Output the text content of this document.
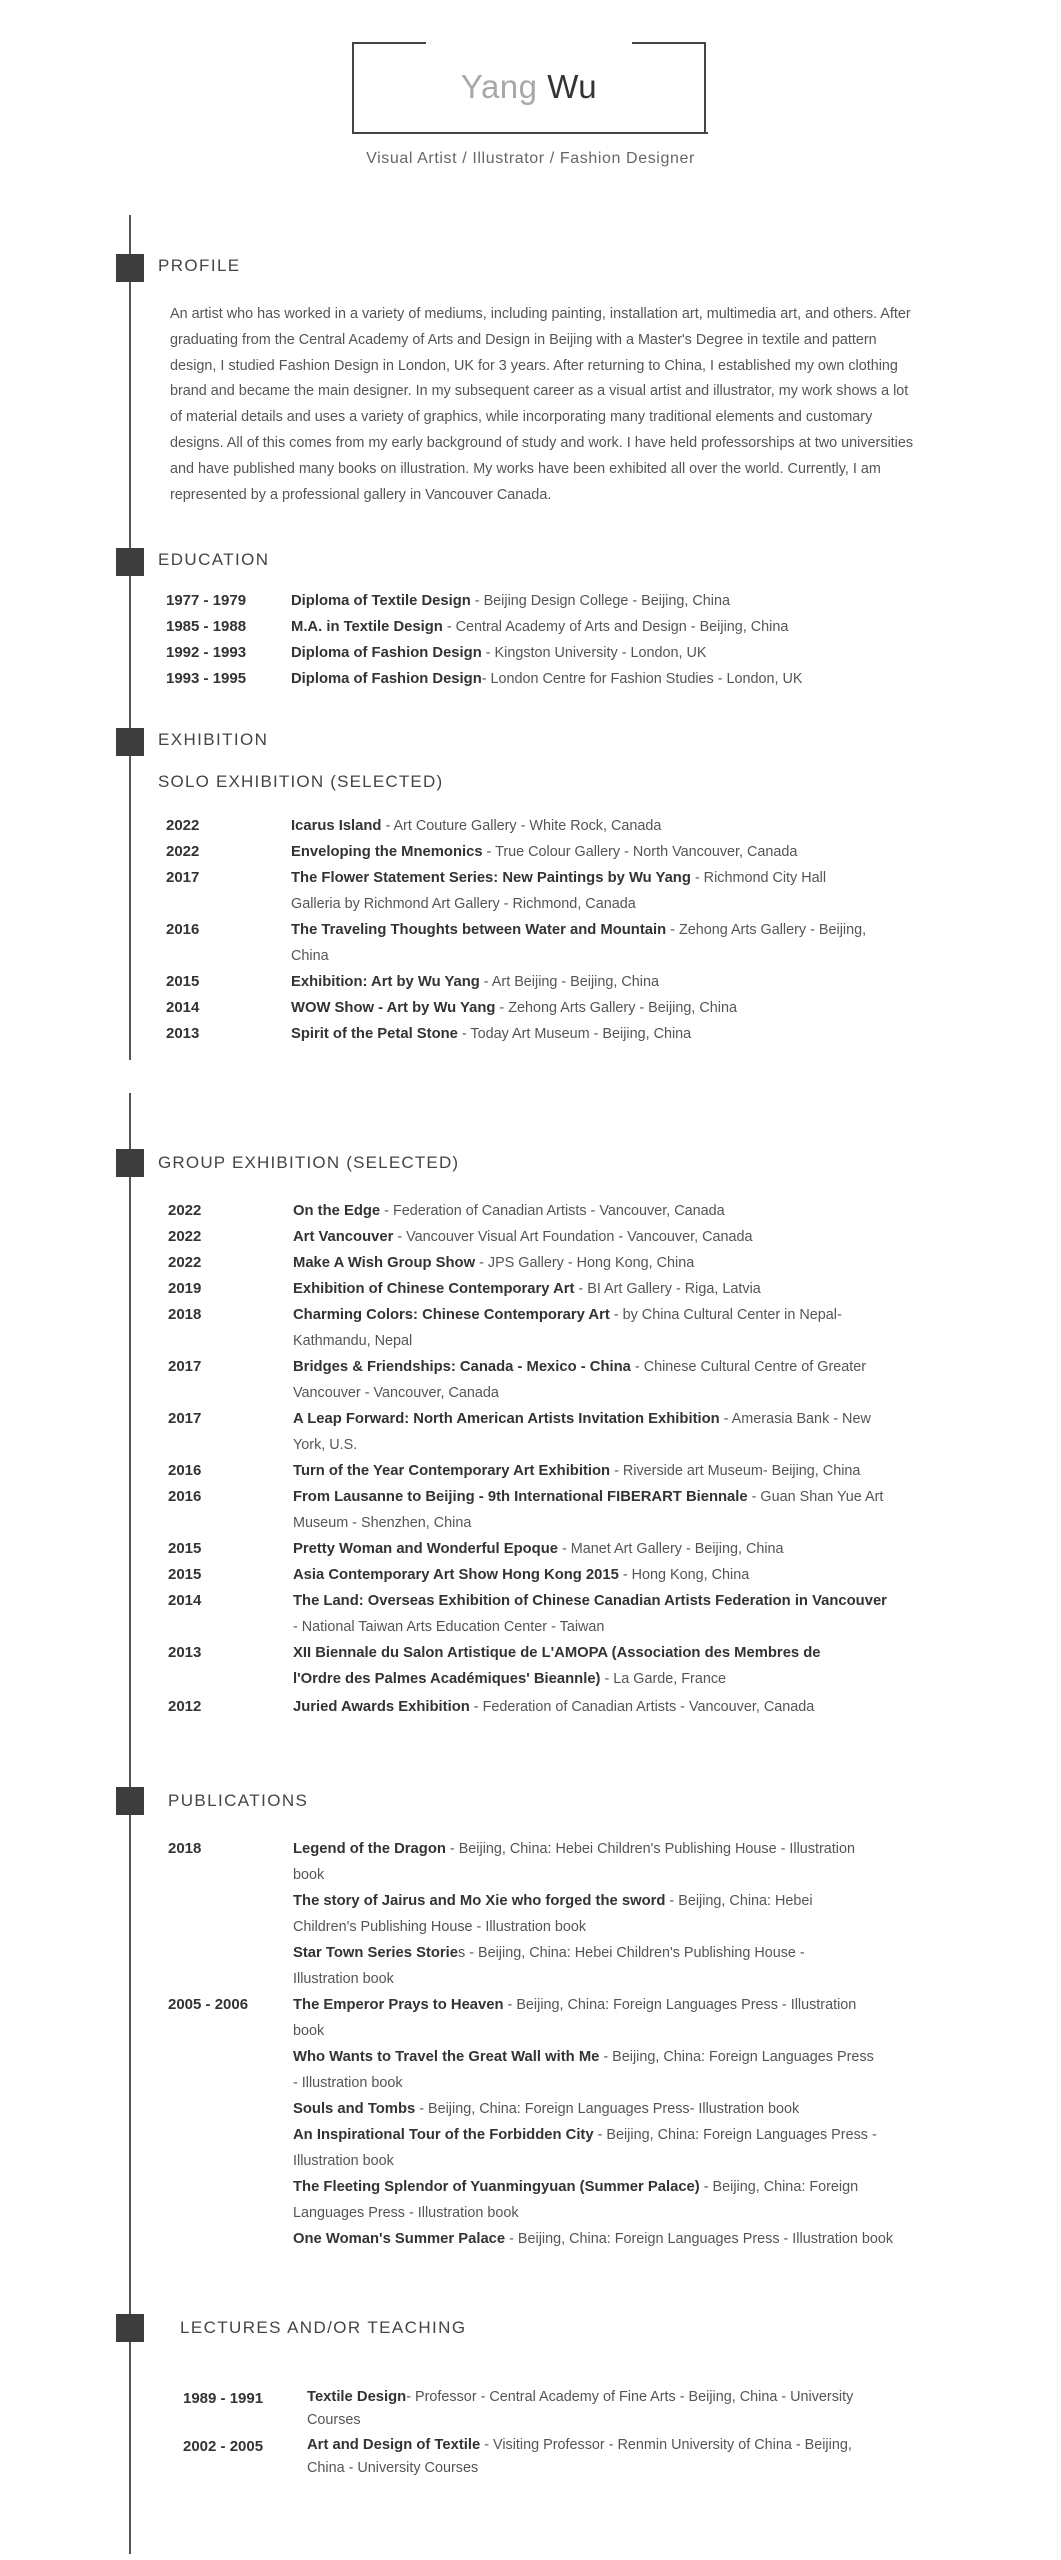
Yang Wu
Visual Artist / Illustrator / Fashion Designer
PROFILE

An artist who has worked in a variety of mediums, including painting, installation art, multimedia art, and others. After graduating from the Central Academy of Arts and Design in Beijing with a Master's Degree in textile and pattern design, I studied Fashion Design in London, UK for 3 years. After returning to China, I established my own clothing brand and became the main designer. In my subsequent career as a visual artist and illustrator, my work shows a lot of material details and uses a variety of graphics, while incorporating many traditional elements and customary designs. All of this comes from my early background of study and work. I have held professorships at two universities and have published many books on illustration. My works have been exhibited all over the world. Currently, I am represented by a professional gallery in Vancouver Canada.

EDUCATION
1977 - 1979	Diploma of Textile Design - Beijing Design College - Beijing, China
1985 - 1988	M.A. in Textile Design - Central Academy of Arts and Design - Beijing, China
1992 - 1993	Diploma of Fashion Design - Kingston University - London, UK
1993 - 1995	Diploma of Fashion Design- London Centre for Fashion Studies - London, UK
EXHIBITION
SOLO EXHIBITION (SELECTED)
2022	Icarus Island - Art Couture Gallery - White Rock, Canada
2022	Enveloping the Mnemonics - True Colour Gallery - North Vancouver, Canada
2017	The Flower Statement Series: New Paintings by Wu Yang - Richmond City Hall
Galleria by Richmond Art Gallery - Richmond, Canada
2016	The Traveling Thoughts between Water and Mountain - Zehong Arts Gallery - Beijing,
China
2015	Exhibition: Art by Wu Yang - Art Beijing - Beijing, China
2014	WOW Show - Art by Wu Yang - Zehong Arts Gallery - Beijing, China
2013	Spirit of the Petal Stone - Today Art Museum - Beijing, China
GROUP EXHIBITION (SELECTED)
2022	On the Edge - Federation of Canadian Artists - Vancouver, Canada
2022	Art Vancouver - Vancouver Visual Art Foundation - Vancouver, Canada
2022	Make A Wish Group Show - JPS Gallery - Hong Kong, China
2019	Exhibition of Chinese Contemporary Art - BI Art Gallery - Riga, Latvia
2018	Charming Colors: Chinese Contemporary Art - by China Cultural Center in Nepal-
Kathmandu, Nepal
2017	Bridges & Friendships: Canada - Mexico - China - Chinese Cultural Centre of Greater
Vancouver - Vancouver, Canada
2017	A Leap Forward: North American Artists Invitation Exhibition - Amerasia Bank - New
York, U.S.
2016	Turn of the Year Contemporary Art Exhibition - Riverside art Museum- Beijing, China
2016	From Lausanne to Beijing - 9th International FIBERART Biennale - Guan Shan Yue Art
Museum - Shenzhen, China
2015	Pretty Woman and Wonderful Epoque - Manet Art Gallery - Beijing, China
2015	Asia Contemporary Art Show Hong Kong 2015 - Hong Kong, China
2014	The Land: Overseas Exhibition of Chinese Canadian Artists Federation in Vancouver
- National Taiwan Arts Education Center - Taiwan
2013	XII Biennale du Salon Artistique de L'AMOPA (Association des Membres de
l'Ordre des Palmes Académiques' Bieannle) - La Garde, France
2012	Juried Awards Exhibition - Federation of Canadian Artists - Vancouver, Canada
PUBLICATIONS
2018	Legend of the Dragon - Beijing, China: Hebei Children's Publishing House - Illustration
book
The story of Jairus and Mo Xie who forged the sword - Beijing, China: Hebei
Children's Publishing House - Illustration book
Star Town Series Stories - Beijing, China: Hebei Children's Publishing House -
Illustration book
2005 - 2006	The Emperor Prays to Heaven - Beijing, China: Foreign Languages Press - Illustration
book
Who Wants to Travel the Great Wall with Me - Beijing, China: Foreign Languages Press
- Illustration book
Souls and Tombs - Beijing, China: Foreign Languages Press- Illustration book
An Inspirational Tour of the Forbidden City - Beijing, China: Foreign Languages Press -
Illustration book
The Fleeting Splendor of Yuanmingyuan (Summer Palace) - Beijing, China: Foreign
Languages Press - Illustration book
One Woman's Summer Palace - Beijing, China: Foreign Languages Press - Illustration book
LECTURES AND/OR TEACHING
1989 - 1991	Textile Design- Professor - Central Academy of Fine Arts - Beijing, China - University
Courses
2002 - 2005	Art and Design of Textile - Visiting Professor - Renmin University of China - Beijing,
China - University Courses
